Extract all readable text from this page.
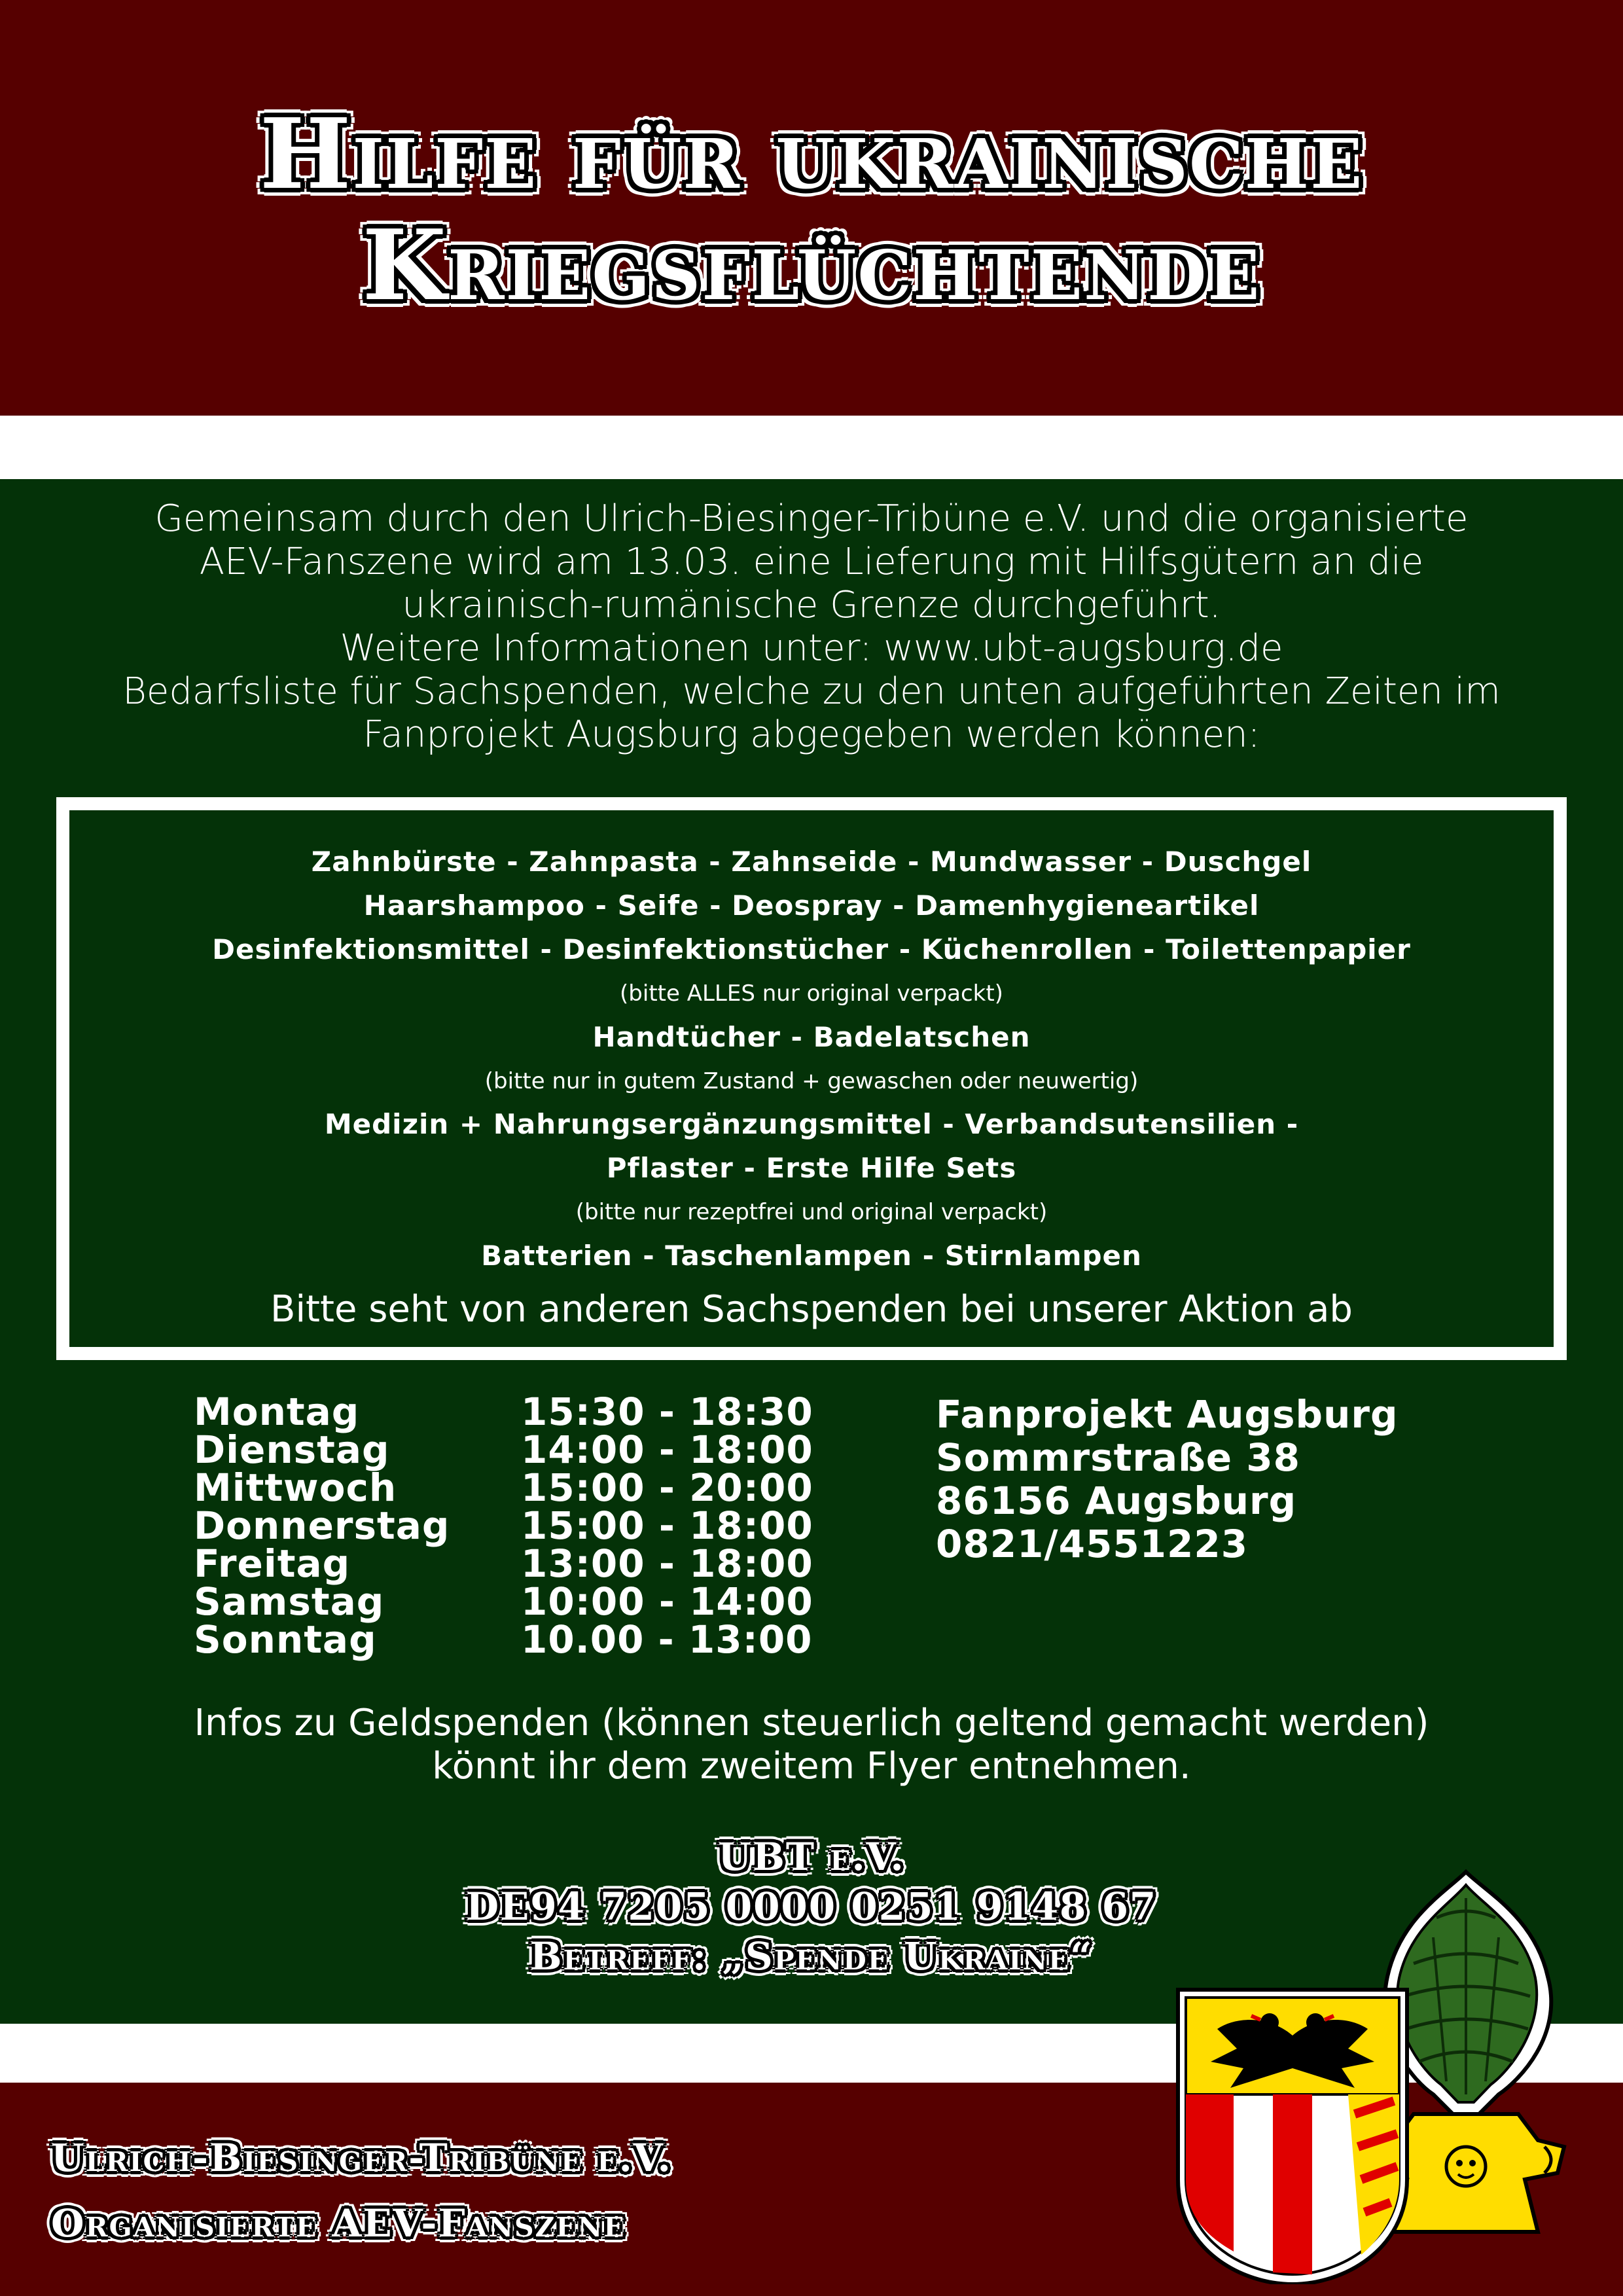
Hilfe für ukrainische
Kriegsflüchtende
Gemeinsam durch den Ulrich-Biesinger-Tribüne e.V. und die organisierte
AEV-Fanszene wird am 13.03. eine Lieferung mit Hilfsgütern an die
ukrainisch-rumänische Grenze durchgeführt.
Weitere Informationen unter: www.ubt-augsburg.de
Bedarfsliste für Sachspenden, welche zu den unten aufgeführten Zeiten im
Fanprojekt Augsburg abgegeben werden können:
Zahnbürste - Zahnpasta - Zahnseide - Mundwasser - Duschgel
Haarshampoo - Seife - Deospray - Damenhygieneartikel
Desinfektionsmittel - Desinfektionstücher - Küchenrollen - Toilettenpapier
(bitte ALLES nur original verpackt)
Handtücher - Badelatschen
(bitte nur in gutem Zustand + gewaschen oder neuwertig)
Medizin + Nahrungsergänzungsmittel - Verbandsutensilien -
Pflaster - Erste Hilfe Sets
(bitte nur rezeptfrei und original verpackt)
Batterien - Taschenlampen - Stirnlampen
Bitte seht von anderen Sachspenden bei unserer Aktion ab
Montag	15:30 - 18:30
Dienstag	14:00 - 18:00
Mittwoch	15:00 - 20:00
Donnerstag 15:00 - 18:00
Freitag	13:00 - 18:00
Samstag	10:00 - 14:00
Sonntag	10.00 - 13:00
Fanprojekt Augsburg
Sommrstraße 38
86156 Augsburg
0821/4551223
Infos zu Geldspenden (können steuerlich geltend gemacht werden)
könnt ihr dem zweitem Flyer entnehmen.
UBT e.V.
DE94 7205 0000 0251 9148 67
Betreff: „Spende Ukraine“
Ulrich-Biesinger-Tribüne e.V.
Organisierte AEV-Fanszene
